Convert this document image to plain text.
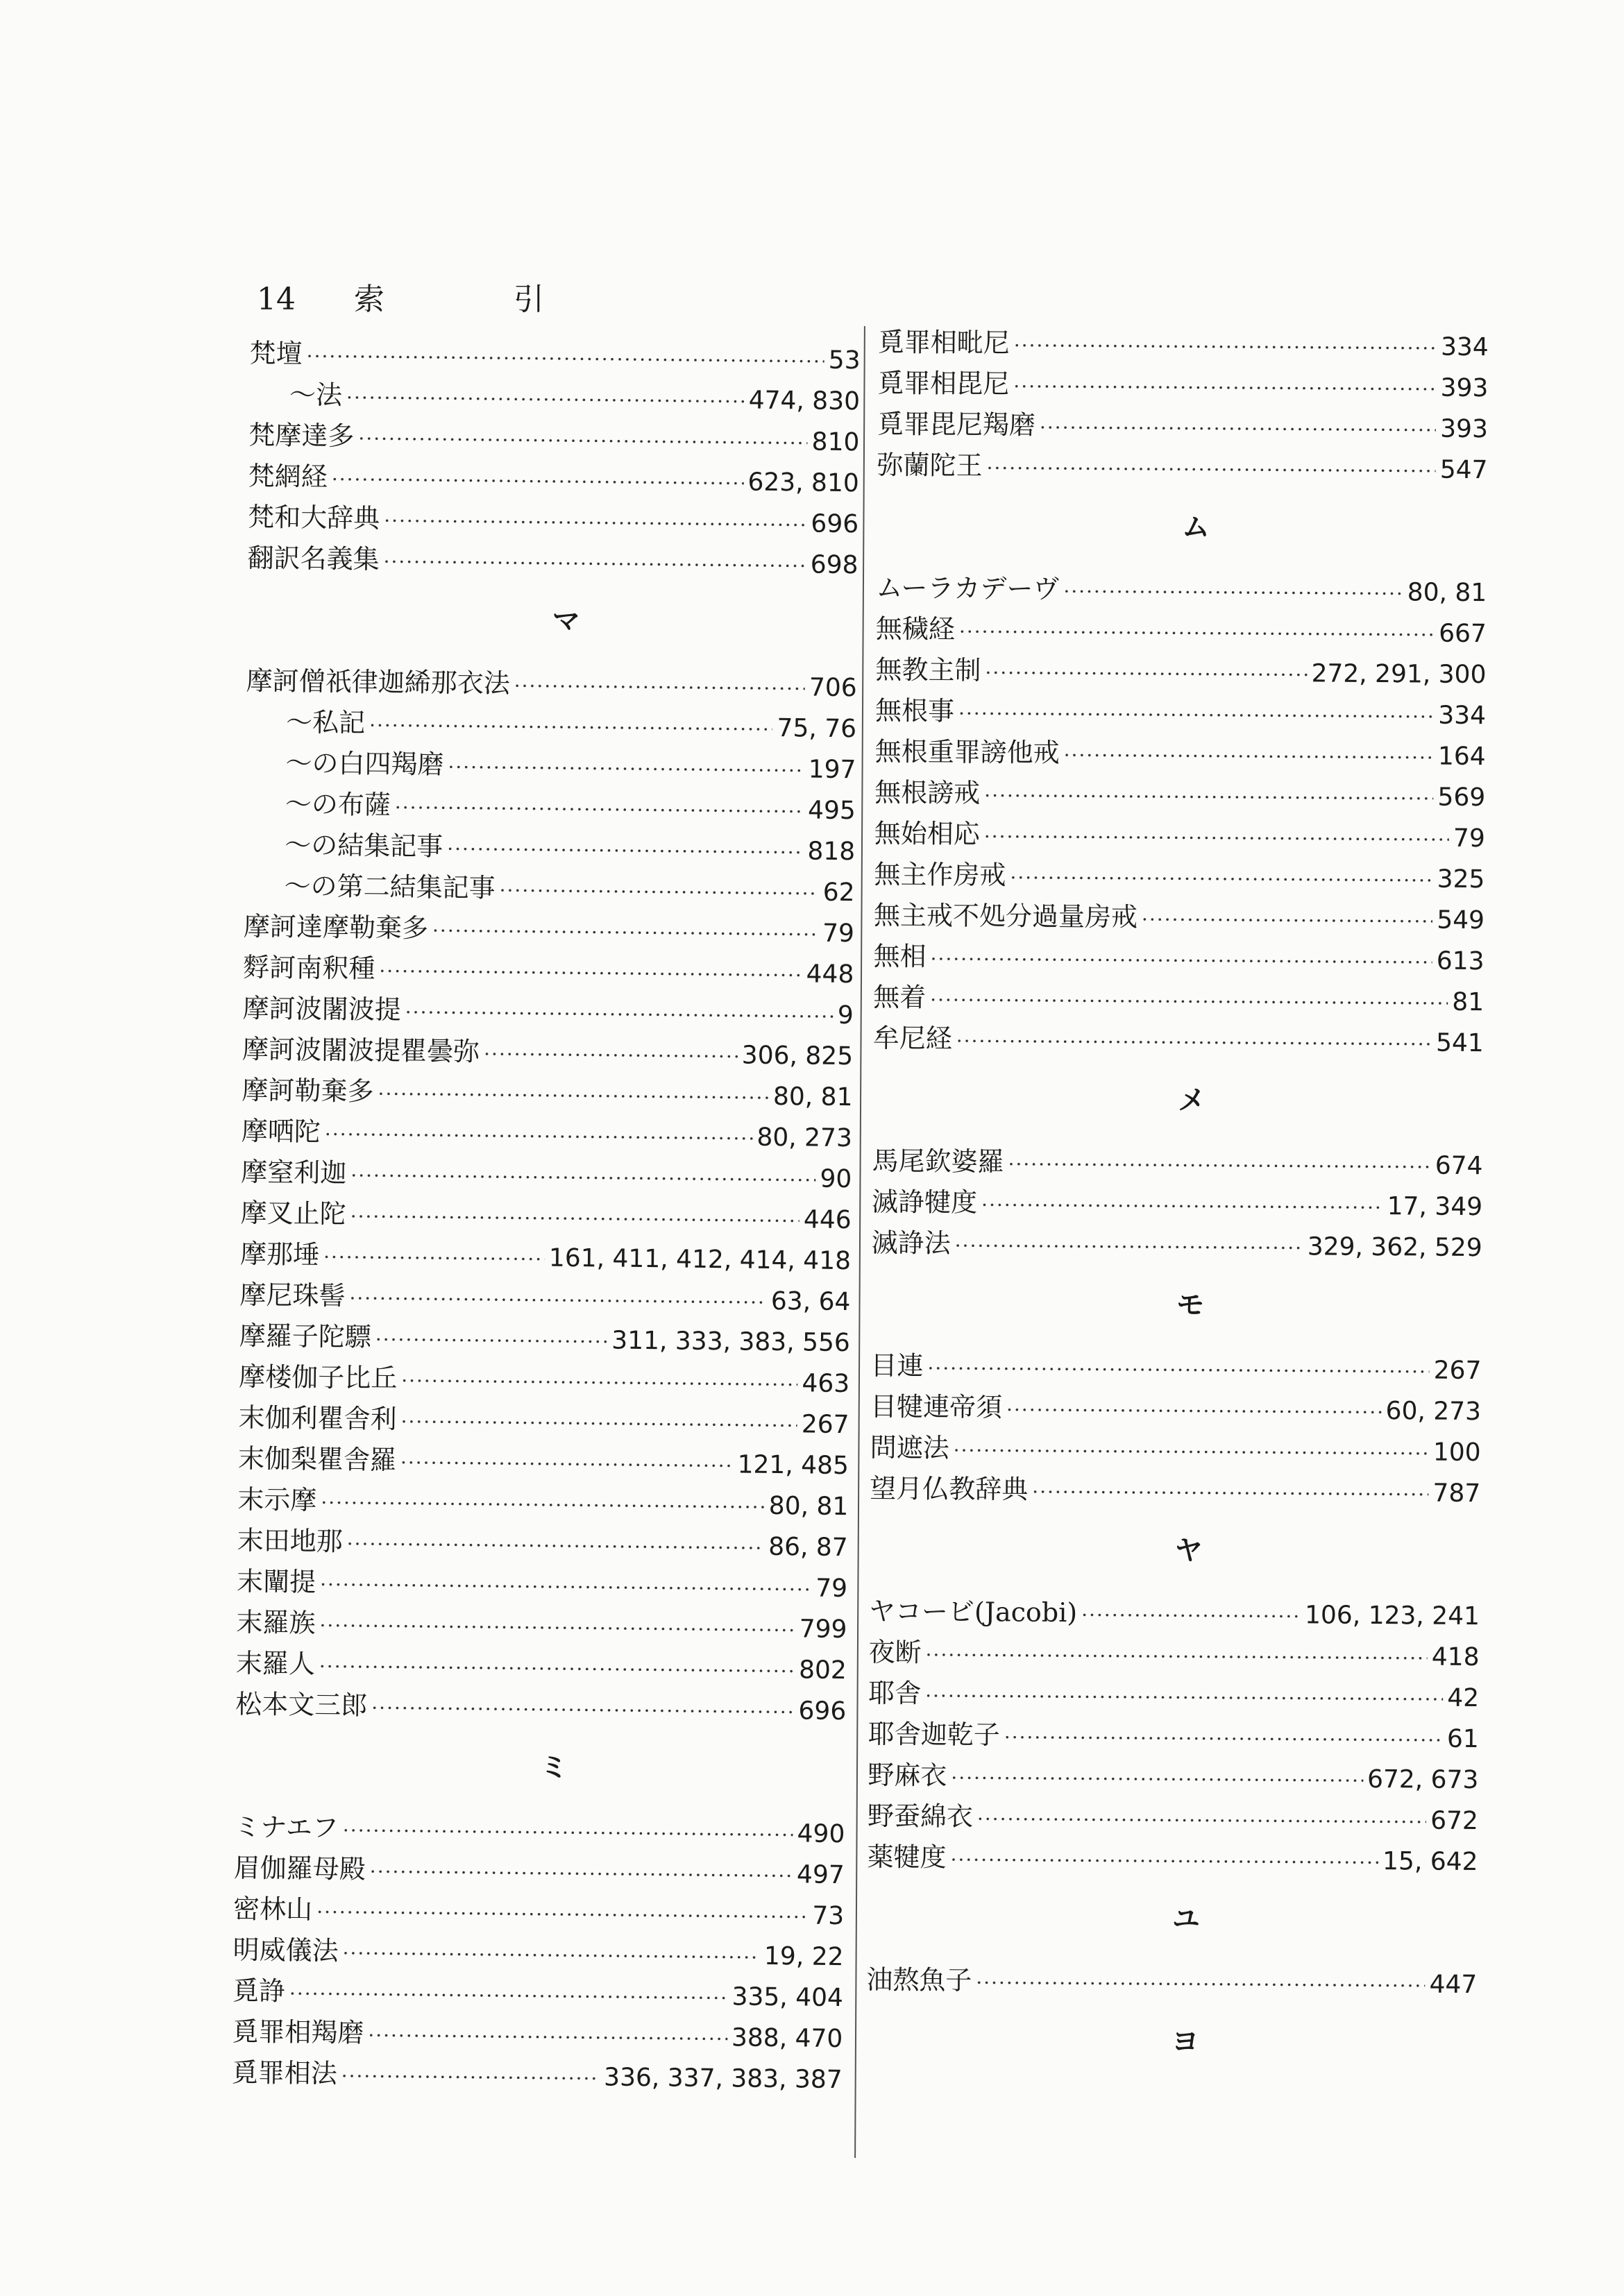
14 索	引
梵壇 ·····	53
～法 ·····	474, 830
梵摩達多 ·····	810
梵網経 ·····	623, 810
梵和大辞典 ·····	696
翻訳名義集 ·····	698
マ
摩訶僧祇律迦絺那衣法 ·····	706
～私記 ·····	75, 76
～の白四羯磨 ·····	197
～の布薩 ·····	495
～の結集記事 ·····	818
～の第二結集記事 ·····	62
摩訶達摩勒棄多 ·····	79
䴸訶南釈種 ·····	448
摩訶波闍波提 ·····	9
摩訶波闍波提瞿曇弥 ·····	306, 825
摩訶勒棄多 ·····	80, 81
摩哂陀 ·····	80, 273
摩窒利迦 ·····	90
摩叉止陀 ·····	446
摩那埵 ·····	161, 411, 412, 414, 418
摩尼珠髻 ·····	63, 64
摩羅子陀驃 ·····	311, 333, 383, 556
摩楼伽子比丘 ·····	463
末伽利瞿舎利 ·····	267
末伽梨瞿舎羅 ·····	121, 485
末示摩 ·····	80, 81
末田地那 ·····	86, 87
末闡提 ·····	79
末羅族 ·····	799
末羅人 ·····	802
松本文三郎 ·····	696
ミ
ミナエフ ·····	490
眉伽羅母殿 ·····	497
密林山 ·····	73
明威儀法 ·····	19, 22
覓諍 ·····	335, 404
覓罪相羯磨 ·····	388, 470
覓罪相法 ·····	336, 337, 383, 387
覓罪相毗尼 ·····	334
覓罪相毘尼 ·····	393
覓罪毘尼羯磨 ·····	393
弥蘭陀王 ·····	547
ム
ムーラカデーヴ ·····	80, 81
無穢経 ·····	667
無教主制 ·····	272, 291, 300
無根事 ·····	334
無根重罪謗他戒 ·····	164
無根謗戒 ·····	569
無始相応 ·····	79
無主作房戒 ·····	325
無主戒不処分過量房戒 ·····	549
無相 ·····	613
無着 ·····	81
牟尼経 ·····	541
メ
馬尾欽婆羅 ·····	674
滅諍犍度 ·····	17, 349
滅諍法 ·····	329, 362, 529
モ
目連 ·····	267
目犍連帝須 ·····	60, 273
問遮法 ·····	100
望月仏教辞典 ·····	787
ヤ
ヤコービ(Jacobi) ·····	106, 123, 241
夜断 ·····	418
耶舎 ·····	42
耶舎迦乾子 ·····	61
野麻衣 ·····	672, 673
野蚕綿衣 ·····	672
薬犍度 ·····	15, 642
ユ
油熬魚子 ·····	447
ヨ
